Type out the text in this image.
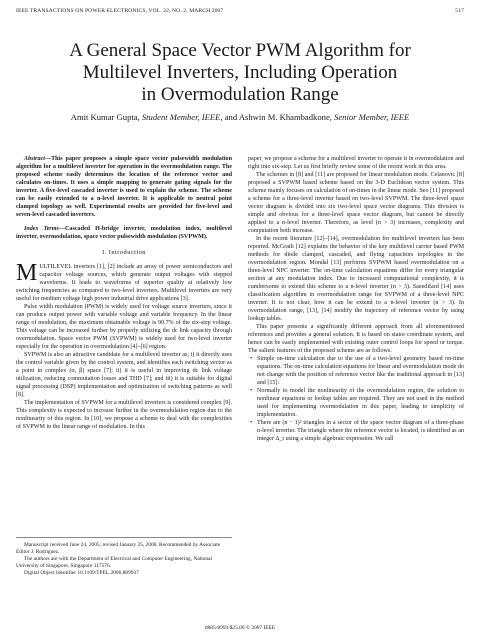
IEEE TRANSACTIONS ON POWER ELECTRONICS, VOL. 22, NO. 2, MARCH 2007	517
A General Space Vector PWM Algorithm for
Multilevel Inverters, Including Operation
in Overmodulation Range
Amit Kumar Gupta, Student Member, IEEE, and Ashwin M. Khambadkone, Senior Member, IEEE

Abstract—This paper proposes a simple space vector pulsewidth modulation algorithm for a multilevel inverter for operation in the overmodulation range. The proposed scheme easily determines the location of the reference vector and calculates on-times. It uses a simple mapping to generate gating signals for the inverter. A five-level cascaded inverter is used to explain the scheme. The scheme can be easily extended to a n-level inverter. It is applicable to neutral point clamped topology as well. Experimental results are provided for five-level and seven-level cascaded inverters.

Index Terms—Cascaded H-bridge inverter, modulation index, multilevel inverter, overmodulation, space vector pulsewidth modulation (SVPWM).

I. Introduction

MULTILEVEL inverters [1], [2] include an array of power semiconductors and capacitor voltage sources, which generate output voltages with stepped waveforms. It leads to waveforms of superior quality at relatively low switching frequencies as compared to two-level inverters. Multilevel inverters are very useful for medium voltage high power industrial drive applications [3].

Pulse width modulation (PWM) is widely used for voltage source inverters, since it can produce output power with variable voltage and variable frequency. In the linear range of modulation, the maximum obtainable voltage is 90.7% of the six-step voltage. This voltage can be increased further by properly utilizing the dc link capacity through overmodulation. Space vector PWM (SVPWM) is widely used for two-level inverter especially for the operation in overmodulation [4]–[6] region.

SVPWM is also an attractive candidate for a multilevel inverter as; i) it directly uses the control variable given by the control system, and identifies each switching vector as a point in complex (α, β) space [7]; ii) it is useful in improving dc link voltage utilization, reducing commutation losses and THD [7]; and iii) it is suitable for digital signal processing (DSP) implementation and optimization of switching patterns as well [8].

The implementation of SVPWM for a multilevel inverters is considered complex [9]. This complexity is expected to increase further in the overmodulation region due to the nonlinearity of this region. In [10], we propose a scheme to deal with the complexities of SVPWM in the linear range of modulation. In this

Manuscript received June 24, 2005; revised January 25, 2006. Recommended by Associate Editor J. Rodríguez.

The authors are with the Department of Electrical and Computer Engineering, National University of Singapore, Singapore 117576.

Digital Object Identifier 10.1109/TPEL.2006.889937

paper, we propose a scheme for a multilevel inverter to operate it in overmodulation and right into six-step. Let us first briefly review some of the recent work in this area.

The schemes in [8] and [11] are proposed for linear modulation mode. Celanovic [8] proposed a SVPWM based scheme based on the 3-D Euclidean vector system. This scheme mainly focuses on calculation of on-times in the linear mode. Seo [11] proposed a scheme for a three-level inverter based on two-level SVPWM. The three-level space vector diagram is divided into six two-level space vector diagrams. This division is simple and obvious for a three-level space vector diagram, but cannot be directly applied to a n-level inverter. Therefore, as level (n > 3) increases, complexity and computation both increase.

In the recent literature [12]–[14], overmodulation for multilevel inverters has been reported. McGrath [12] explains the behavior of the key multilevel carrier based PWM methods for diode clamped, cascaded, and flying capacitors topologies in the overmodulation region. Mondal [13] performs SVPWM based overmodulation on a three-level NPC inverter. The on-time calculation equations differ for every triangular section at any modulation index. Due to increased computational complexity, it is cumbersome to extend this scheme to a n-level inverter (n > 3). Saeedifard [14] uses classification algorithm in overmodulation range for SVPWM of a three-level NPC inverter. It is not clear, how it can be extend to a n-level inverter (n > 3). In overmodulation range, [13], [14] modify the trajectory of reference vector by using lookup tables.

This paper presents a significantly different approach from all aforementioned references and provides a general solution. It is based on stator coordinate system, and hence can be easily implemented with existing outer control loops for speed or torque. The salient features of the proposed scheme are as follows.

• Simple on-time calculation due to the use of a two-level geometry based on-time equations. The on-time calculation equations for linear and overmodulation mode do not change with the position of reference vector like the traditional approach in [13] and [15].
• Normally to model the nonlinearity of the overmodulation region, the solution to nonlinear equations or lookup tables are required. They are not used in the method used for implementing overmodulation in this paper, leading to simplicity of implementation.
• There are (n − 1)² triangles in a sector of the space vector diagram of a three-phase n-level inverter. The triangle where the reference vector is located, is identified as an integer Δ_t using a simple algebraic expression. We call
0885-8993/$25.00 © 2007 IEEE
